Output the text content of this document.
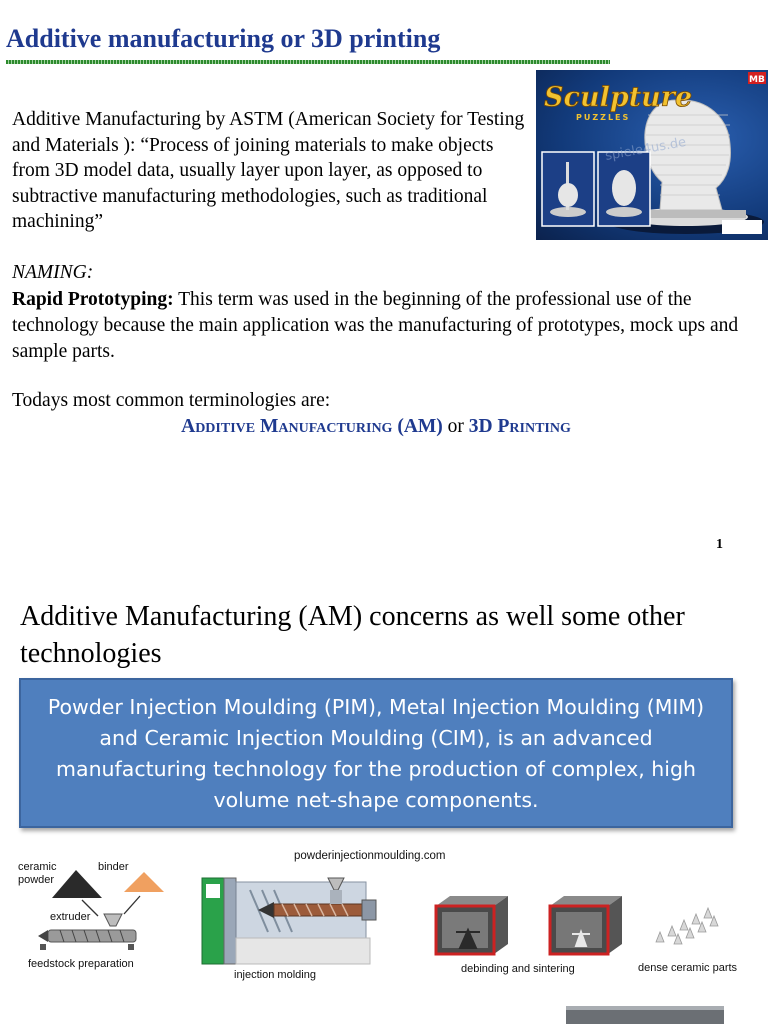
Additive manufacturing or 3D printing
Additive Manufacturing by ASTM (American Society for Testing and Materials ): “Process of joining materials to make objects from 3D model data, usually layer upon layer, as opposed to subtractive manufacturing methodologies, such as traditional machining”
Sculpture
PUZZLES
spiele4us.de
MB
NAMING:
Rapid Prototyping: This term was used in the beginning of the professional use of the technology because the main application was the manufacturing of prototypes, mock ups and sample parts.
Todays most common terminologies are:
Additive Manufacturing (AM) or 3D Printing
1
Additive Manufacturing (AM) concerns as well some other technologies
Powder Injection Moulding (PIM), Metal Injection Moulding (MIM) and Ceramic Injection Moulding (CIM), is an advanced manufacturing technology for the production of complex, high volume net-shape components.
powderinjectionmoulding.com
ceramic
powder
binder
extruder
feedstock preparation
injection molding	debinding and sintering	dense ceramic parts
